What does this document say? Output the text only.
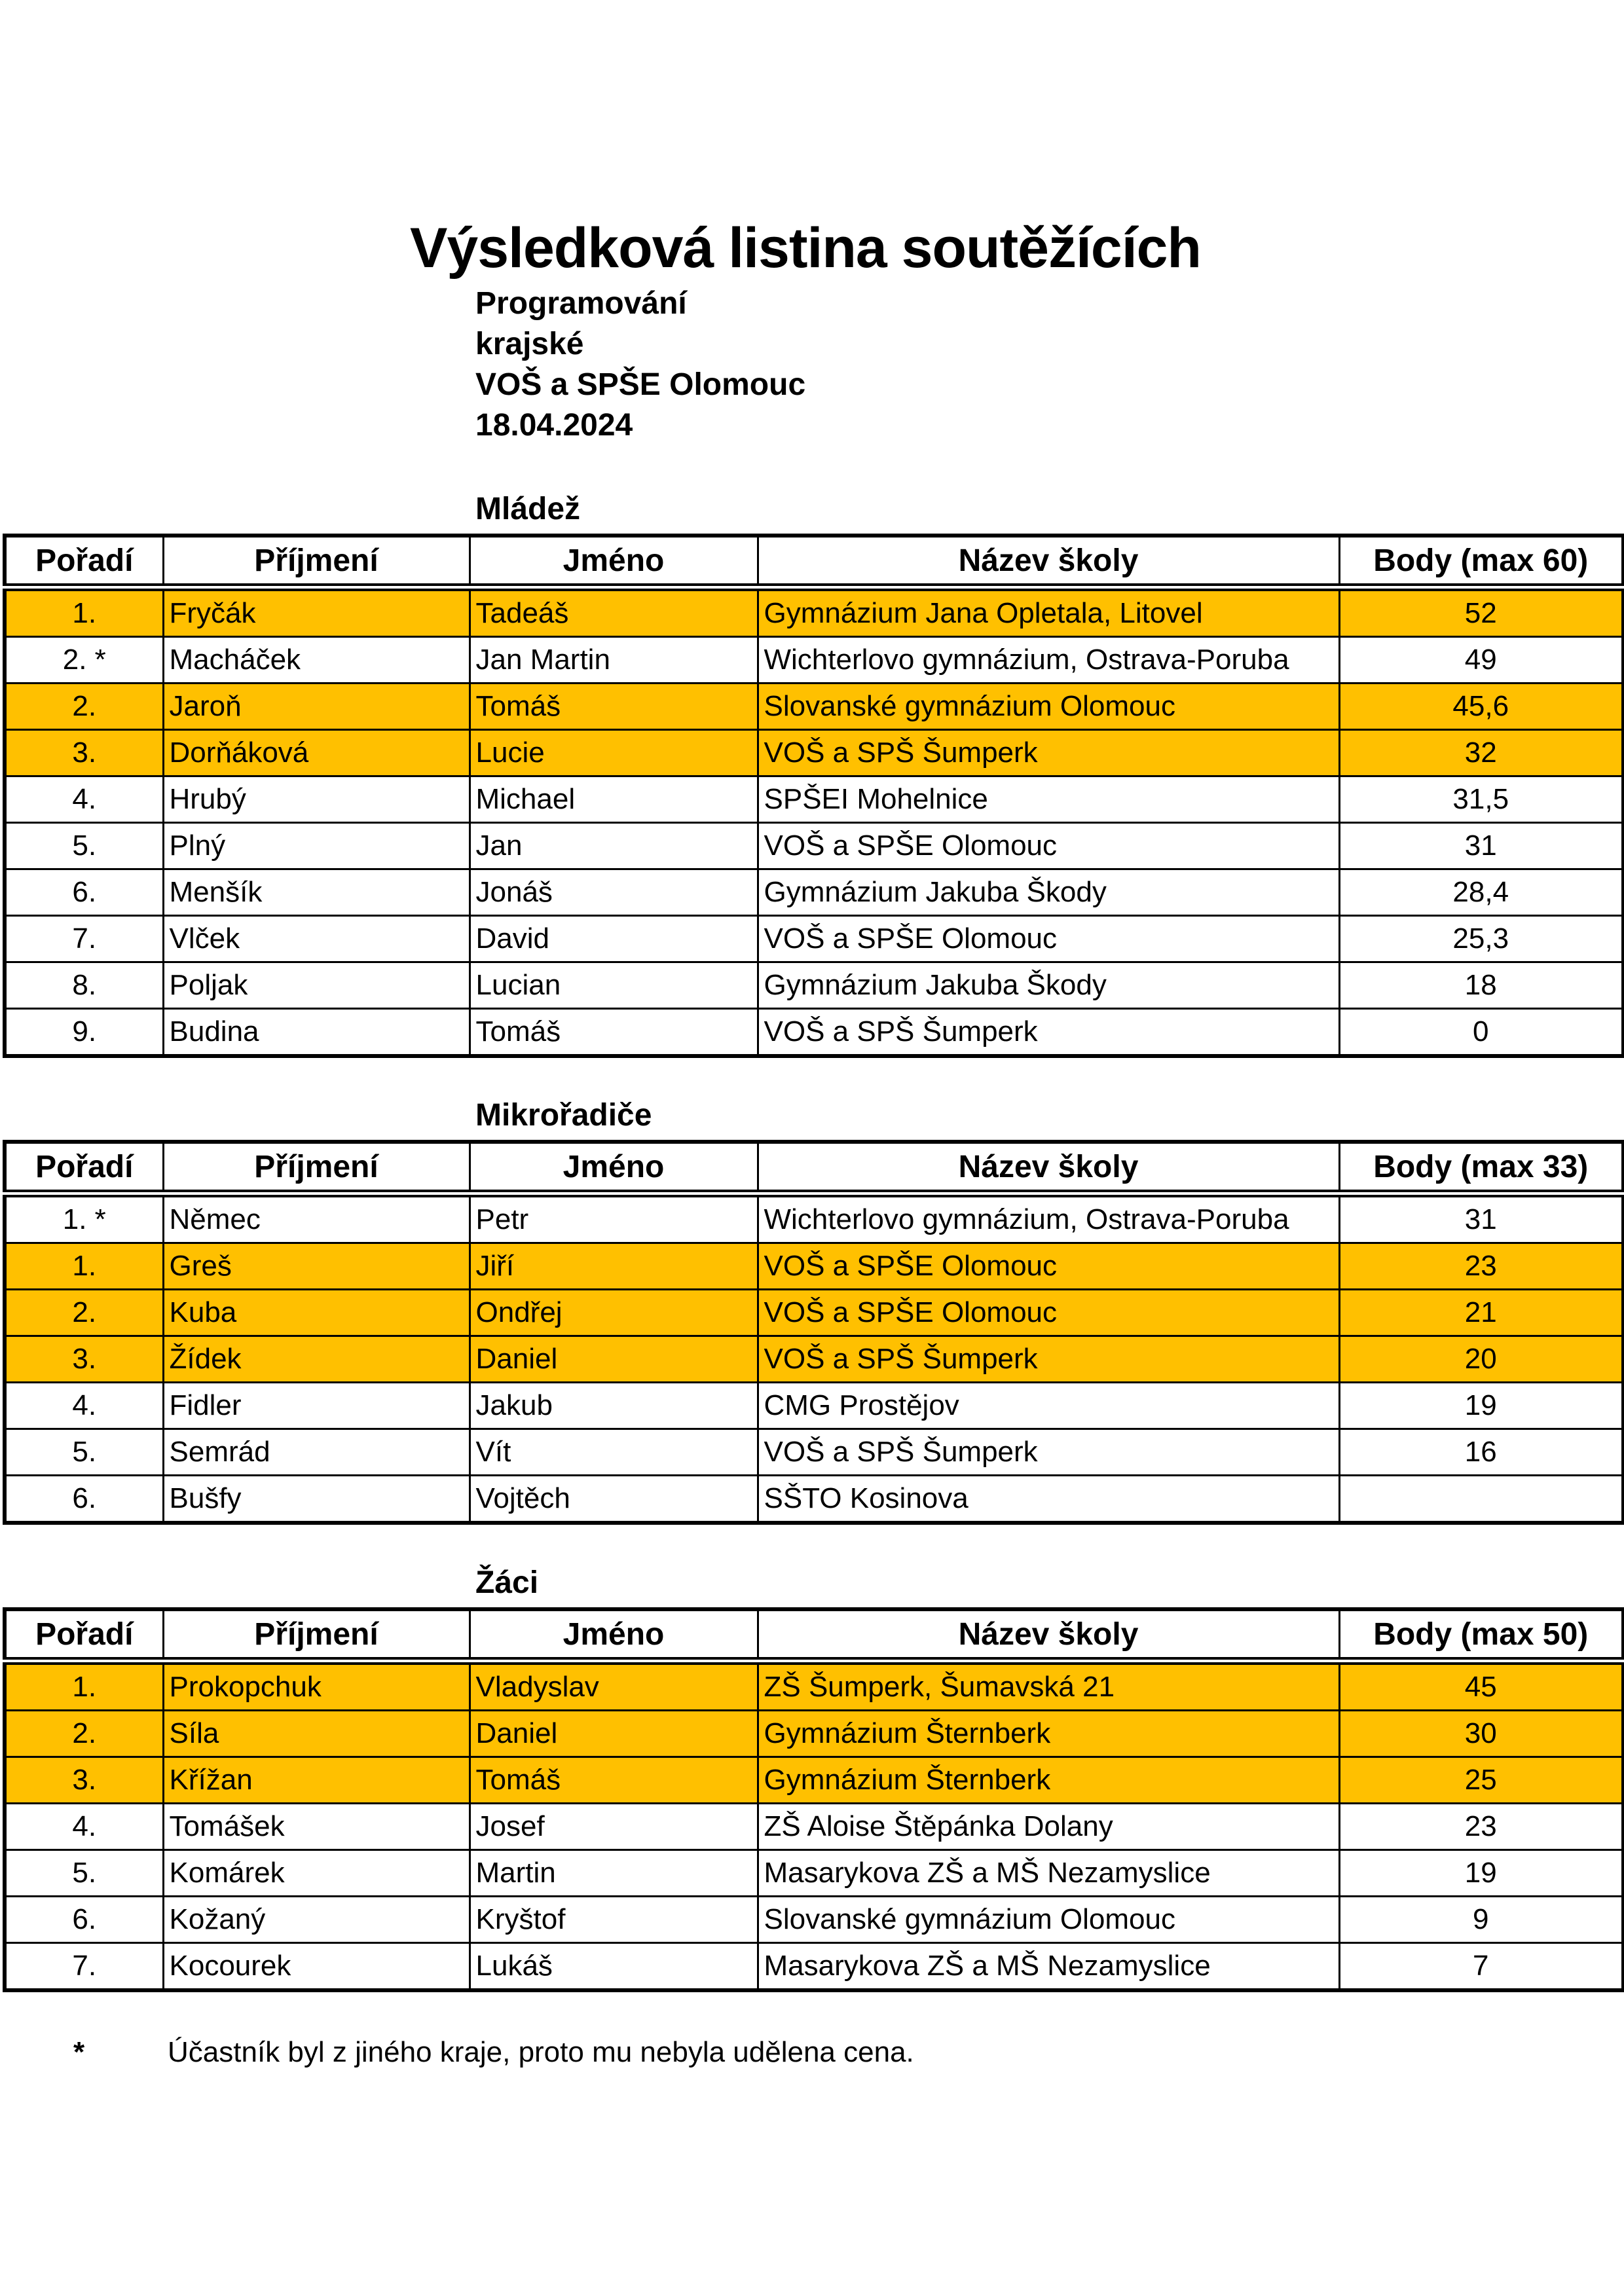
Výsledková listina soutěžících
Programování
krajské
VOŠ a SPŠE Olomouc
18.04.2024
Mládež
Pořadí	Příjmení	Jméno	Název školy	Body (max 60)
1.	Fryčák	Tadeáš	Gymnázium Jana Opletala, Litovel	52
2. *	Macháček	Jan Martin	Wichterlovo gymnázium, Ostrava-Poruba	49
2.	Jaroň	Tomáš	Slovanské gymnázium Olomouc	45,6
3.	Dorňáková	Lucie	VOŠ a SPŠ Šumperk	32
4.	Hrubý	Michael	SPŠEI Mohelnice	31,5
5.	Plný	Jan	VOŠ a SPŠE Olomouc	31
6.	Menšík	Jonáš	Gymnázium Jakuba Škody	28,4
7.	Vlček	David	VOŠ a SPŠE Olomouc	25,3
8.	Poljak	Lucian	Gymnázium Jakuba Škody	18
9.	Budina	Tomáš	VOŠ a SPŠ Šumperk	0
Mikrořadiče
Pořadí	Příjmení	Jméno	Název školy	Body (max 33)
1. *	Němec	Petr	Wichterlovo gymnázium, Ostrava-Poruba	31
1.	Greš	Jiří	VOŠ a SPŠE Olomouc	23
2.	Kuba	Ondřej	VOŠ a SPŠE Olomouc	21
3.	Žídek	Daniel	VOŠ a SPŠ Šumperk	20
4.	Fidler	Jakub	CMG Prostějov	19
5.	Semrád	Vít	VOŠ a SPŠ Šumperk	16
6.	Bušfy	Vojtěch	SŠTO Kosinova	
Žáci
Pořadí	Příjmení	Jméno	Název školy	Body (max 50)
1.	Prokopchuk	Vladyslav	ZŠ Šumperk, Šumavská 21	45
2.	Síla	Daniel	Gymnázium Šternberk	30
3.	Křížan	Tomáš	Gymnázium Šternberk	25
4.	Tomášek	Josef	ZŠ Aloise Štěpánka Dolany	23
5.	Komárek	Martin	Masarykova ZŠ a MŠ Nezamyslice	19
6.	Kožaný	Kryštof	Slovanské gymnázium Olomouc	9
7.	Kocourek	Lukáš	Masarykova ZŠ a MŠ Nezamyslice	7
*	Účastník byl z jiného kraje, proto mu nebyla udělena cena.
